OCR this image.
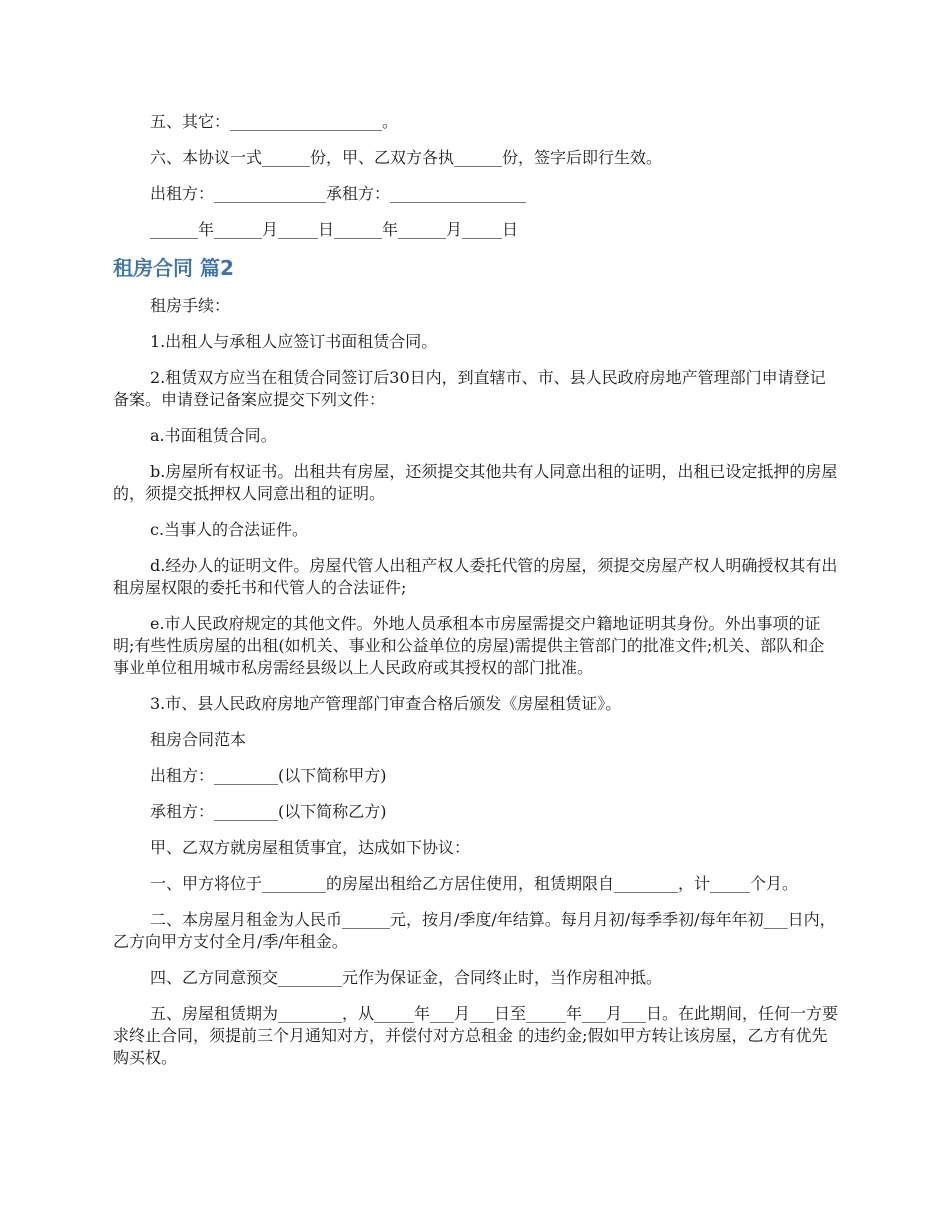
五、其它：___________________。

六、本协议一式______份，甲、乙双方各执______份，签字后即行生效。

出租方：______________承租方：_________________

______年______月_____日______年______月_____日

租房合同 篇2

租房手续：

1.出租人与承租人应签订书面租赁合同。

2.租赁双方应当在租赁合同签订后30日内，到直辖市、市、县人民政府房地产管理部门申请登记备案。申请登记备案应提交下列文件：

a.书面租赁合同。

b.房屋所有权证书。出租共有房屋，还须提交其他共有人同意出租的证明，出租已设定抵押的房屋的，须提交抵押权人同意出租的证明。

c.当事人的合法证件。

d.经办人的证明文件。房屋代管人出租产权人委托代管的房屋，须提交房屋产权人明确授权其有出租房屋权限的委托书和代管人的合法证件;

e.市人民政府规定的其他文件。外地人员承租本市房屋需提交户籍地证明其身份。外出事项的证明;有些性质房屋的出租(如机关、事业和公益单位的房屋)需提供主管部门的批准文件;机关、部队和企事业单位租用城市私房需经县级以上人民政府或其授权的部门批准。

3.市、县人民政府房地产管理部门审查合格后颁发《房屋租赁证》。

租房合同范本

出租方：________(以下简称甲方)

承租方：________(以下简称乙方)

甲、乙双方就房屋租赁事宜，达成如下协议：

一、甲方将位于________的房屋出租给乙方居住使用，租赁期限自________，计_____个月。

二、本房屋月租金为人民币______元，按月/季度/年结算。每月月初/每季季初/每年年初___日内，乙方向甲方支付全月/季/年租金。

四、乙方同意预交________元作为保证金，合同终止时，当作房租冲抵。

五、房屋租赁期为________，从_____年___月___日至_____年___月___日。在此期间，任何一方要求终止合同，须提前三个月通知对方，并偿付对方总租金 的违约金;假如甲方转让该房屋，乙方有优先购买权。
